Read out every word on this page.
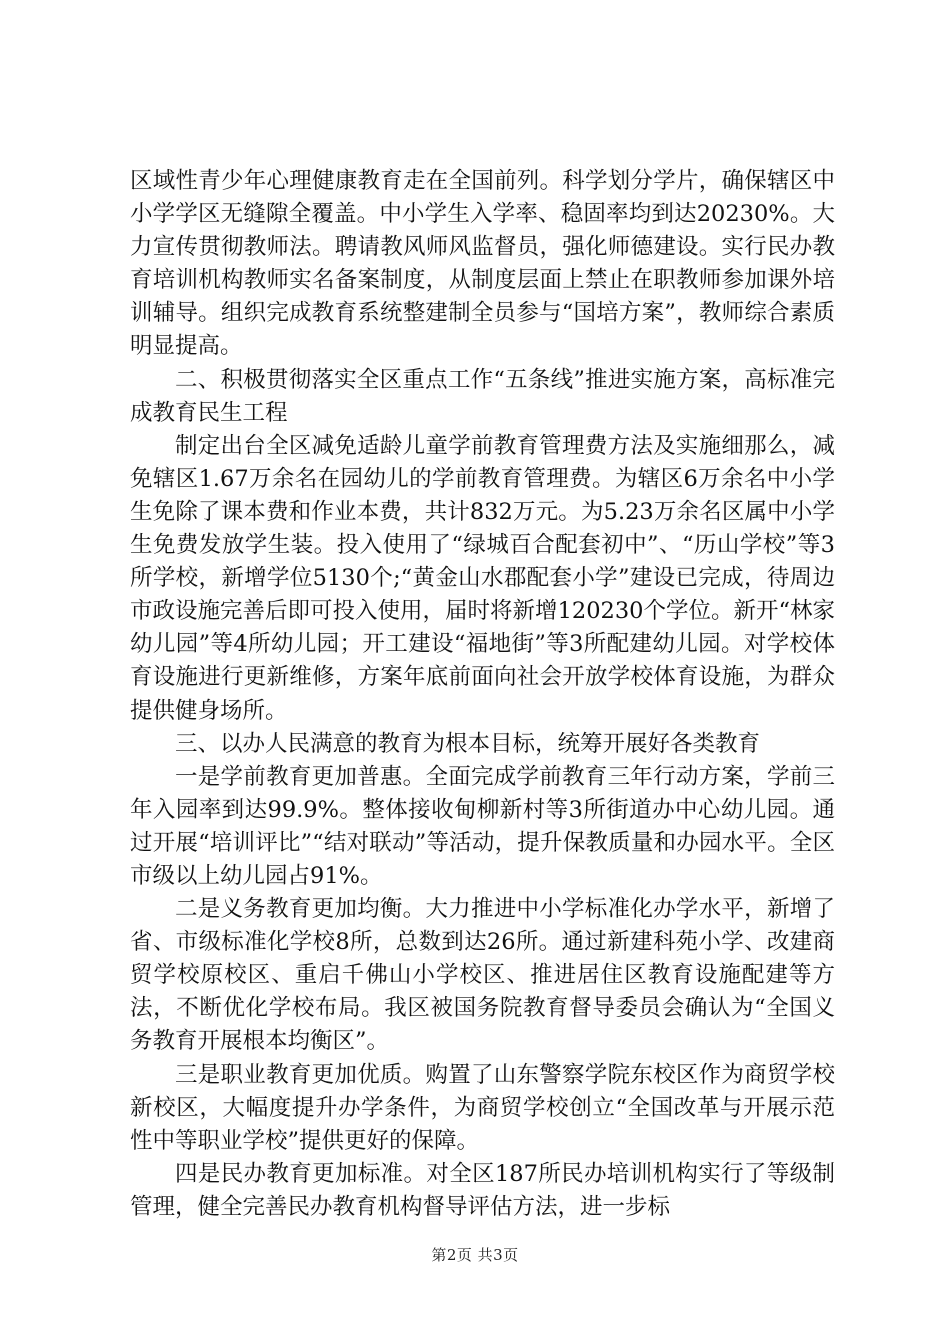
区域性青少年心理健康教育走在全国前列。科学划分学片，确保辖区中小学学区无缝隙全覆盖。中小学生入学率、稳固率均到达20230%。大力宣传贯彻教师法。聘请教风师风监督员，强化师德建设。实行民办教育培训机构教师实名备案制度，从制度层面上禁止在职教师参加课外培训辅导。组织完成教育系统整建制全员参与“国培方案”，教师综合素质明显提高。

二、积极贯彻落实全区重点工作“五条线”推进实施方案，高标准完成教育民生工程

制定出台全区减免适龄儿童学前教育管理费方法及实施细那么，减免辖区1.67万余名在园幼儿的学前教育管理费。为辖区6万余名中小学生免除了课本费和作业本费，共计832万元。为5.23万余名区属中小学生免费发放学生装。投入使用了“绿城百合配套初中”、“历山学校”等3所学校，新增学位5130个;“黄金山水郡配套小学”建设已完成，待周边市政设施完善后即可投入使用，届时将新增120230个学位。新开“林家幼儿园”等4所幼儿园；开工建设“福地街”等3所配建幼儿园。对学校体育设施进行更新维修，方案年底前面向社会开放学校体育设施，为群众提供健身场所。

三、以办人民满意的教育为根本目标，统筹开展好各类教育

一是学前教育更加普惠。全面完成学前教育三年行动方案，学前三年入园率到达99.9%。整体接收甸柳新村等3所街道办中心幼儿园。通过开展“培训评比”“结对联动”等活动，提升保教质量和办园水平。全区市级以上幼儿园占91%。

二是义务教育更加均衡。大力推进中小学标准化办学水平，新增了省、市级标准化学校8所，总数到达26所。通过新建科苑小学、改建商贸学校原校区、重启千佛山小学校区、推进居住区教育设施配建等方法，不断优化学校布局。我区被国务院教育督导委员会确认为“全国义务教育开展根本均衡区”。

三是职业教育更加优质。购置了山东警察学院东校区作为商贸学校新校区，大幅度提升办学条件，为商贸学校创立“全国改革与开展示范性中等职业学校”提供更好的保障。

四是民办教育更加标准。对全区187所民办培训机构实行了等级制管理，健全完善民办教育机构督导评估方法，进一步标

第2页 共3页
